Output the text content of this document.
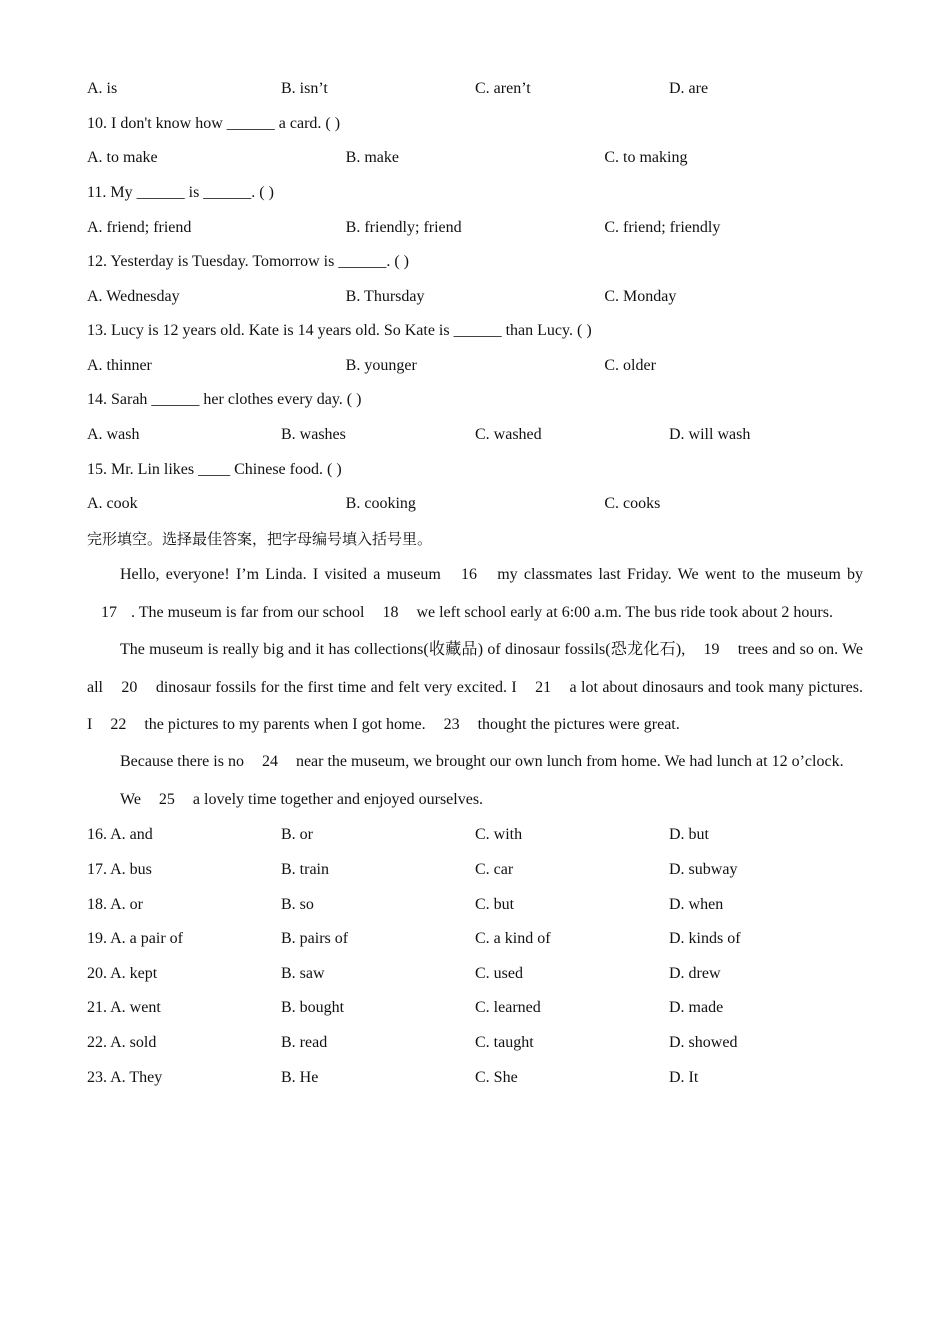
A. is	B. isn’t	C. aren’t	D. are
10. I don't know how ______ a card. ( )
A. to make	B. make	C. to making
11. My ______ is ______. ( )
A. friend; friend	B. friendly; friend	C. friend; friendly
12. Yesterday is Tuesday. Tomorrow is ______. ( )
A. Wednesday	B. Thursday	C. Monday
13. Lucy is 12 years old. Kate is 14 years old. So Kate is ______ than Lucy. ( )
A. thinner	B. younger	C. older
14. Sarah ______ her clothes every day. ( )
A. wash	B. washes	C. washed	D. will wash
15. Mr. Lin likes ____ Chinese food. ( )
A. cook	B. cooking	C. cooks
完形填空。选择最佳答案，把字母编号填入括号里。

Hello, everyone! I’m Linda. I visited a museum 16 my classmates last Friday. We went to the museum by 17 . The museum is far from our school 18 we left school early at 6:00 a.m. The bus ride took about 2 hours.

The museum is really big and it has collections(收藏品) of dinosaur fossils(恐龙化石), 19 trees and so on. We all 20 dinosaur fossils for the first time and felt very excited. I 21 a lot about dinosaurs and took many pictures. I 22 the pictures to my parents when I got home. 23 thought the pictures were great.

Because there is no 24 near the museum, we brought our own lunch from home. We had lunch at 12 o’clock.

We 25 a lovely time together and enjoyed ourselves.

16. A. and	B. or	C. with	D. but
17. A. bus	B. train	C. car	D. subway
18. A. or	B. so	C. but	D. when
19. A. a pair of	B. pairs of	C. a kind of	D. kinds of
20. A. kept	B. saw	C. used	D. drew
21. A. went	B. bought	C. learned	D. made
22. A. sold	B. read	C. taught	D. showed
23. A. They	B. He	C. She	D. It
